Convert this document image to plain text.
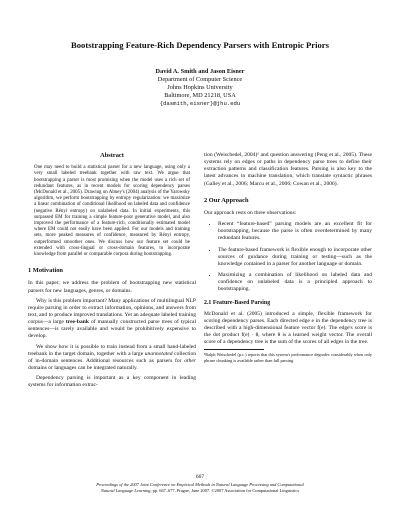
Bootstrapping Feature-Rich Dependency Parsers with Entropic Priors
David A. Smith and Jason Eisner
Department of Computer Science
Johns Hopkins University
Baltimore, MD 21218, USA
{dasmith,eisner}@jhu.edu
Abstract
One may need to build a statistical parser for a new language, using only a very small labeled treebank together with raw text. We argue that bootstrapping a parser is most promising when the model uses a rich set of redundant features, as in recent models for scoring dependency parses (McDonald et al., 2005). Drawing on Abney's (2004) analysis of the Yarowsky algorithm, we perform bootstrapping by entropy regularization: we maximize a linear combination of conditional likelihood on labeled data and confidence (negative Rényi entropy) on unlabeled data. In initial experiments, this surpassed EM for training a simple feature-poor generative model, and also improved the performance of a feature-rich, conditionally estimated model where EM could not easily have been applied. For our models and training sets, more peaked measures of confidence, measured by Rényi entropy, outperformed smoother ones. We discuss how our feature set could be extended with cross-lingual or cross-domain features, to incorporate knowledge from parallel or comparable corpora during bootstrapping.
1 Motivation

In this paper, we address the problem of bootstrapping new statistical parsers for new languages, genres, or domains.

Why is this problem important? Many applications of multilingual NLP require parsing in order to extract information, opinions, and answers from text, and to produce improved translations. Yet an adequate labeled training corpus—a large tree-bank of manually constructed parse trees of typical sentences—is rarely available and would be prohibitively expensive to develop.

We show how it is possible to train instead from a small hand-labeled treebank in the target domain, together with a large unannotated collection of in-domain sentences. Additional resources such as parsers for other domains or languages can be integrated naturally.

Dependency parsing is important as a key component in leading systems for information extrac-

tion (Weischedel, 2004)¹ and question answering (Peng et al., 2005). These systems rely on edges or paths in dependency parse trees to define their extraction patterns and classification features. Parsing is also key to the latest advances in machine translation, which translate syntactic phrases (Galley et al., 2006; Marcu et al., 2006; Cowan et al., 2006).

2 Our Approach

Our approach rests on three observations:

• Recent “feature-based” parsing models are an excellent fit for bootstrapping, because the parse is often overdetermined by many redundant features.
• The feature-based framework is flexible enough to incorporate other sources of guidance during training or testing—such as the knowledge contained in a parser for another language or domain.
• Maximizing a combination of likelihood on labeled data and confidence on unlabeled data is a principled approach to bootstrapping.
2.1 Feature-Based Parsing

McDonald et al. (2005) introduced a simple, flexible framework for scoring dependency parses. Each directed edge e in the dependency tree is described with a high-dimensional feature vector f(e). The edge's score is the dot product f(e) · θ, where θ is a learned weight vector. The overall score of a dependency tree is the sum of the scores of all edges in the tree.

¹Ralph Weischedel (p.c.) reports that this system's performance degrades considerably when only phrase chunking is available rather than full parsing.
667
Proceedings of the 2007 Joint Conference on Empirical Methods in Natural Language Processing and Computational
Natural Language Learning, pp. 667–677, Prague, June 2007. ©2007 Association for Computational Linguistics
